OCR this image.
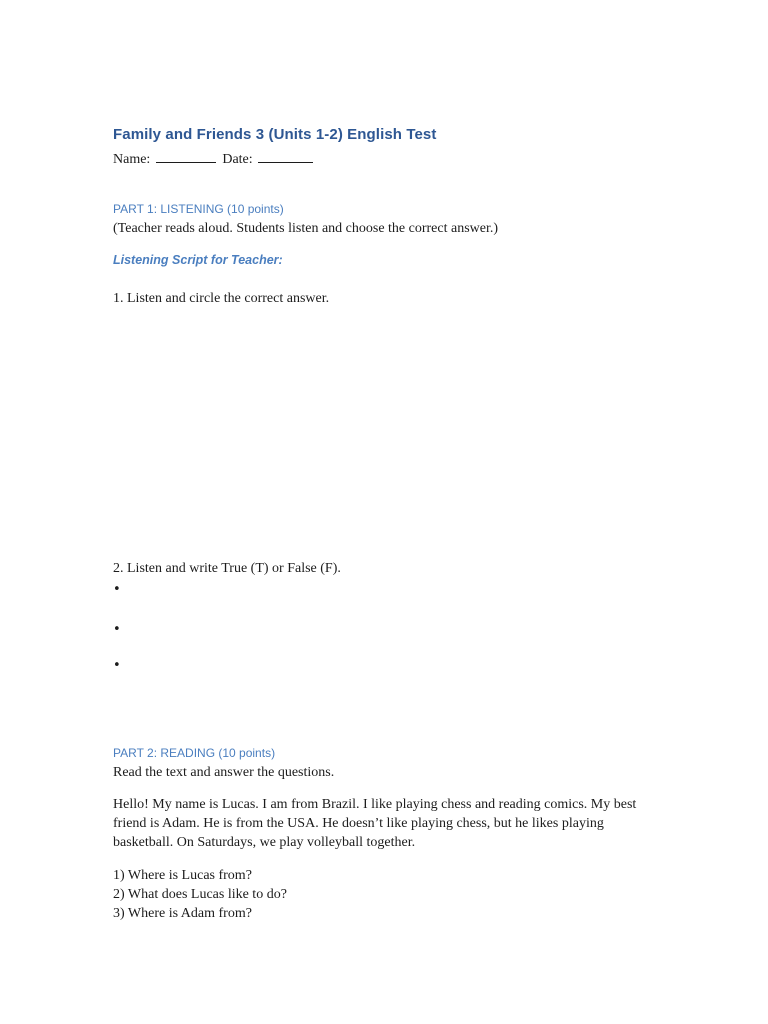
Family and Friends 3 (Units 1-2) English Test
Name:	Date:
PART 1: LISTENING (10 points)
(Teacher reads aloud. Students listen and choose the correct answer.)
Listening Script for Teacher:
1. Listen and circle the correct answer.
2. Listen and write True (T) or False (F).
•
•
•
PART 2: READING (10 points)
Read the text and answer the questions.
Hello! My name is Lucas. I am from Brazil. I like playing chess and reading comics. My best friend is Adam. He is from the USA. He doesn’t like playing chess, but he likes playing basketball. On Saturdays, we play volleyball together.
1) Where is Lucas from?
2) What does Lucas like to do?
3) Where is Adam from?
